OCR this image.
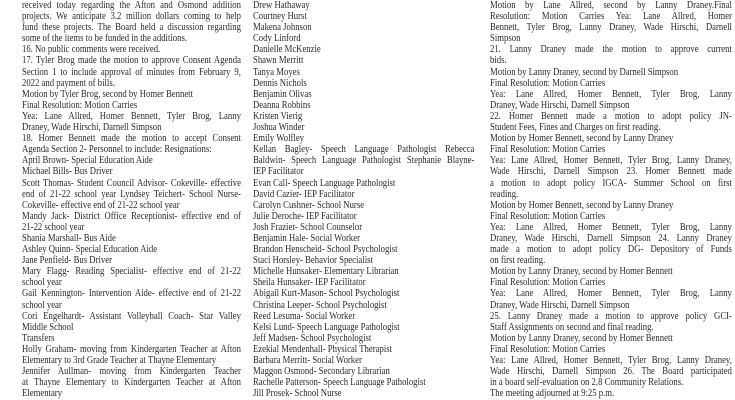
received today regarding the Afton and Osmond addition
projects. We anticipate 3.2 million dollars coming to help
fund these projects. The Board held a discussion regarding
some of the items to be funded in the additions.
16. No public comments were received.
17. Tyler Brog made the motion to approve Consent Agenda
Section 1 to include approval of minutes from February 9,
2022 and payment of bills.
Motion by Tyler Brog, second by Homer Bennett
Final Resolution: Motion Carries
Yea: Lane Allred, Homer Bennett, Tyler Brog, Lanny
Draney, Wade Hirschi, Darnell Simpson
18. Homer Bennett made the motion to accept Consent
Agenda Section 2- Personnel to include: Resignations:
April Brown- Special Education Aide
Michael Bills- Bus Driver
Scott Thomas- Student Council Advisor- Cokeville- effective
end of 21-22 school year Lyndsey Teichert- School Nurse-
Cokeville- effective end of 21-22 school year
Mandy Jack- District Office Receptionist- effective end of
21-22 school year
Shania Marshall- Bus Aide
Ashley Quinn- Special Education Aide
Jane Penfield- Bus Driver
Mary Flagg- Reading Specialist- effective end of 21-22
school year
Gail Kennington- Intervention Aide- effective end of 21-22
school year
Cori Engelhardt- Assistant Volleyball Coach- Star Valley
Middle School
Transfers
Holly Graham- moving from Kindergarten Teacher at Afton
Elementary to 3rd Grade Teacher at Thayne Elementary
Jennifer Aullman- moving from Kindergarten Teacher
at Thayne Elementary to Kindergarten Teacher at Afton
Elementary
Drew Hathaway
Courtney Hurst
Makena Johnson
Cody Linford
Danielle McKenzie
Shawn Merritt
Tanya Moyes
Dennis Nichols
Benjamin Olivas
Deanna Robbins
Kristen Vierig
Joshua Winder
Emily Wolfley
Kellan Bagley- Speech Language Pathologist Rebecca
Baldwin- Speech Language Pathologist Stephanie Blayne-
IEP Facilitator
Evan Call- Speech Language Pathologist
David Cazier- IEP Facilitator
Carolyn Cushner- School Nurse
Julie Deroche- IEP Facilitator
Josh Frazier- School Counselor
Benjamin Hale- Social Worker
Brandon Henscheid- School Psychologist
Staci Horsley- Behavior Specialist
Michelle Hunsaker- Elementary Librarian
Sheila Hunsaker- IEP Facilitator
Abigail Kurt-Mason- School Psychologist
Christina Leeper- School Psychologist
Reed Lesuma- Social Worker
Kelsi Lund- Speech Language Pathologist
Jeff Madsen- School Psychologist
Ezekial Mendenhall- Physical Therapist
Barbara Merritt- Social Worker
Maggon Osmond- Secondary Librarian
Rachelle Patterson- Speech Language Pathologist
Jill Prosek- School Nurse
Motion by Lane Allred, second by Lanny Draney.Final
Resolution: Motion Carries Yea: Lane Allred, Homer
Bennett, Tyler Brog, Lanny Draney, Wade Hirschi, Darnell
Simpson
21. Lanny Draney made the motion to approve current
bids.
Motion by Lanny Draney, second by Darnell Simpson
Final Resolution: Motion Carries
Yea: Lane Allred, Homer Bennett, Tyler Brog, Lanny
Draney, Wade Hirschi, Darnell Simpson
22. Homer Bennett made a motion to adopt policy JN-
Student Fees, Fines and Charges on first reading.
Motion by Homer Bennett, second by Lanny Draney
Final Resolution: Motion Carries
Yea: Lane Allred, Homer Bennett, Tyler Brog, Lanny Draney,
Wade Hirschi, Darnell Simpson 23. Homer Bennett made
a motion to adopt policy IGCA- Summer School on first
reading.
Motion by Homer Bennett, second by Lanny Draney
Final Resolution: Motion Carries
Yea: Lane Allred, Homer Bennett, Tyler Brog, Lanny
Draney, Wade Hirschi, Darnell Simpson 24. Lanny Draney
made a motion to adopt policy DG- Depository of Funds
on first reading.
Motion by Lanny Draney, second by Homer Bennett
Final Resolution: Motion Carries
Yea: Lane Allred, Homer Bennett, Tyler Brog, Lanny
Draney, Wade Hirschi, Darnell Simpson
25. Lanny Draney made a motion to approve policy GCI-
Staff Assignments on second and final reading.
Motion by Lanny Draney, second by Homer Bennett
Final Resolution: Motion Carries
Yea: Lane Allred, Homer Bennett, Tyler Brog, Lanny Draney,
Wade Hirschi, Darnell Simpson 26. The Board participated
in a board self-evaluation on 2.8 Community Relations.
The meeting adjourned at 9:25 p.m.
